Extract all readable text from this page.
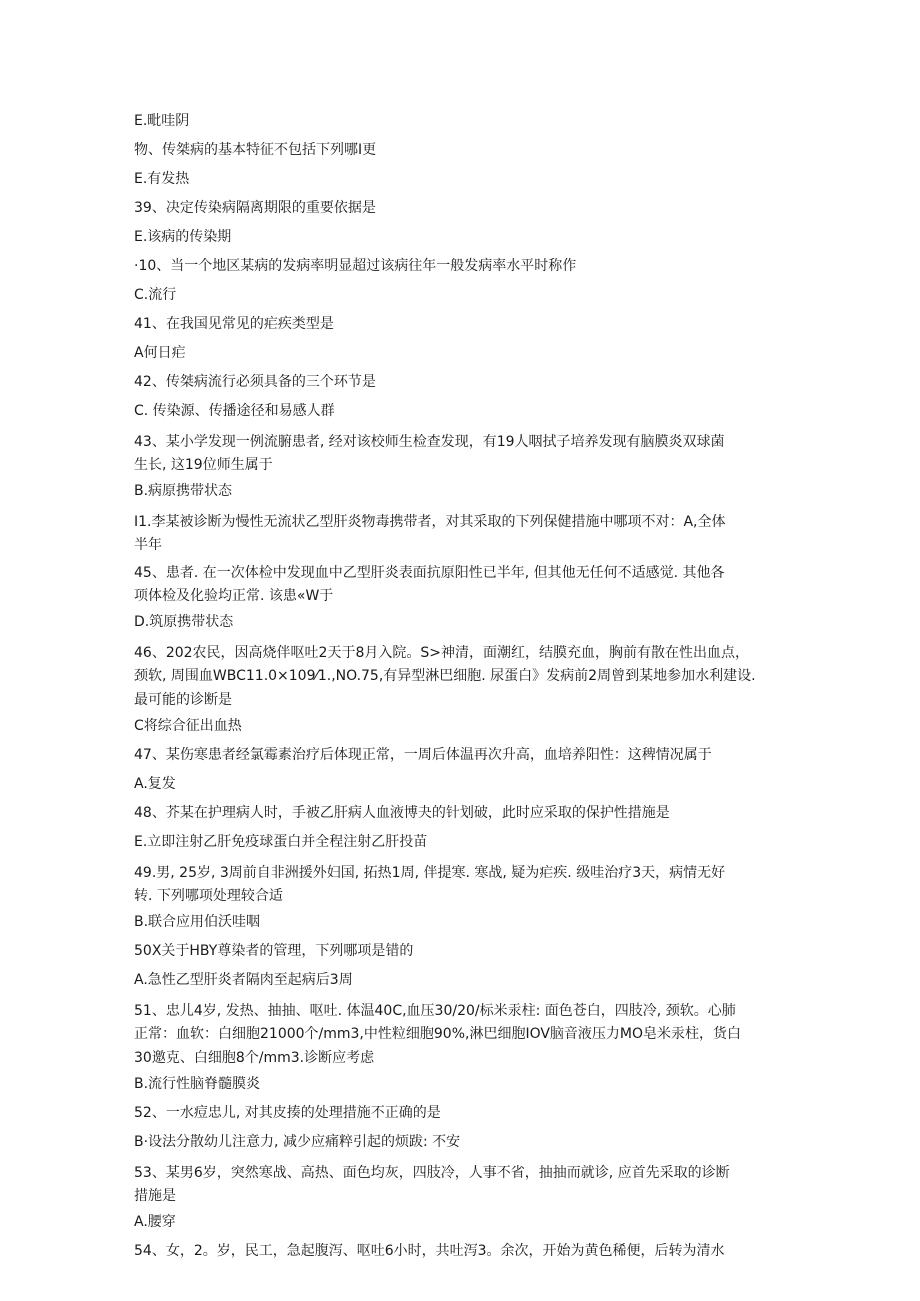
E.毗哇阴
物、传桀病的基本特征不包括下列哪I更
E.有发热
39、决定传染病隔离期限的重要依据是
E.该病的传染期
·10、当一个地区某病的发病率明显超过该病往年一般发病率水平时称作
C.流行
41、在我国见常见的疟疾类型是
A何日疟
42、传桀病流行必须具备的三个环节是
C. 传染源、传播途径和易感人群
43、某小学发现一例流腑患者, 经对该校师生检查发现，有19人咽拭子培养发现有脑膜炎双球菌
生长, 这19位师生属于
B.病原携带状态
I1.李某被诊断为慢性无流状乙型肝炎物毒携带者，对其采取的下列保健措施中哪项不对：A,全体
半年
45、患者. 在一次体检中发现血中乙型肝炎表面抗原阳性已半年, 但其他无任何不适感觉. 其他各
项体检及化验均正常. 该患«W于
D.筑原携带状态
46、202农民，因高烧伴呕吐2天于8月入院。S>神清，面潮红，结膜充血，胸前有散在性出血点，
颈软, 周围血WBC11.0×109⁄1.,NO.75,有异型淋巴细胞. 尿蛋白》发病前2周曾到某地参加水利建设.
最可能的诊断是
C将综合征出血热
47、某伤寒患者经氯霉素治疗后体现正常，一周后体温再次升高，血培养阳性：这稗情况属于
A.复发
48、芥某在护理病人时，手被乙肝病人血液博夬的针划破，此时应采取的保护性措施是
E.立即注射乙肝免疫球蛋白并全程注射乙肝投苗
49.男, 25岁, 3周前自非洲援外妇国, 拓热1周, 伴提寒. 寒战, 疑为疟疾. 级哇治疗3天，病情无好
转. 下列哪项处理较合适
B.联合应用伯沃哇咽
50X关于HBY尊染者的管理，下列哪项是错的
A.急性乙型肝炎者隔肉至起病后3周
51、忠儿4岁, 发热、抽抽、呕吐. 体温40C,血压30/20/标米汞柱: 面色苍白，四肢冷, 颈软。心肺
正常：血软：白细胞21000个/mm3,中性粒细胞90%,淋巴细胞IOV脑音液压力MO皂米汞柱，货白
30邀克、白细胞8个/mm3.诊断应考虑
B.流行性脑脊髓膜炎
52、一水痘忠儿, 对其皮揍的处理措施不正确的是
B·设法分散幼儿注意力, 减少应痛粹引起的烦跋: 不安
53、某男6岁，突然寒战、高热、面色均灰，四肢冷，人事不省，抽抽而就诊, 应首先采取的诊断
措施是
A.腰穿
54、女，2。岁，民工，急起腹泻、呕吐6小时，共吐泻3。余次，开始为黄色稀便，后转为清水
